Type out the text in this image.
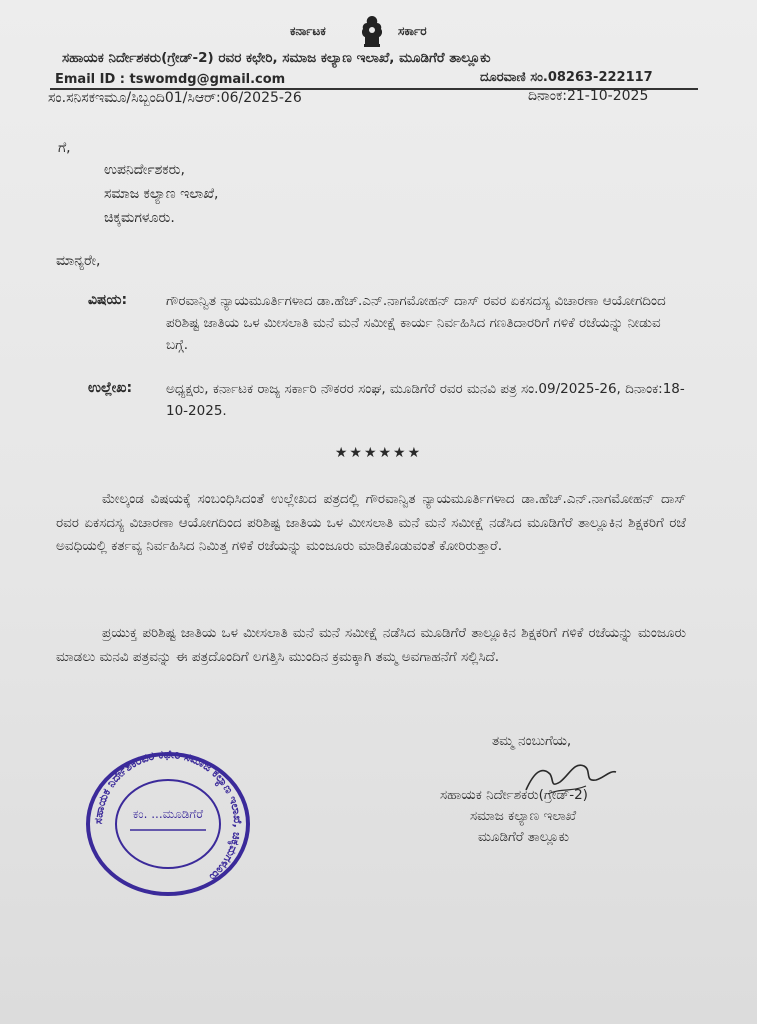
ಕರ್ನಾಟಕ	ಸರ್ಕಾರ
ಸಹಾಯಕ ನಿರ್ದೇಶಕರು(ಗ್ರೇಡ್-2) ರವರ ಕಛೇರಿ, ಸಮಾಜ ಕಲ್ಯಾಣ ಇಲಾಖೆ, ಮೂಡಿಗೆರೆ ತಾಲ್ಲೂಕು
Email ID : tswomdg@gmail.com	ದೂರವಾಣಿ ಸಂ.08263-222117
ಸಂ.ಸನಿಸಕಇಮೂ/ಸಿಬ್ಬಂದಿ01/ಸಿಆರ್:06/2025-26	ದಿನಾಂಕ:21-10-2025
ಗೆ,
ಉಪನಿರ್ದೇಶಕರು,
ಸಮಾಜ ಕಲ್ಯಾಣ ಇಲಾಖೆ,
ಚಿಕ್ಕಮಗಳೂರು.
ಮಾನ್ಯರೇ,
ವಿಷಯ:	ಗೌರವಾನ್ವಿತ ನ್ಯಾಯಮೂರ್ತಿಗಳಾದ ಡಾ.ಹೆಚ್.ಎನ್.ನಾಗಮೋಹನ್ ದಾಸ್ ರವರ ಏಕಸದಸ್ಯ ವಿಚಾರಣಾ ಆಯೋಗದಿಂದ ಪರಿಶಿಷ್ಟ ಜಾತಿಯ ಒಳ ಮೀಸಲಾತಿ ಮನೆ ಮನೆ ಸಮೀಕ್ಷೆ ಕಾರ್ಯ ನಿರ್ವಹಿಸಿದ ಗಣತಿದಾರರಿಗೆ ಗಳಿಕೆ ರಜೆಯನ್ನು ನೀಡುವ ಬಗ್ಗೆ.
ಉಲ್ಲೇಖ:	ಅಧ್ಯಕ್ಷರು, ಕರ್ನಾಟಕ ರಾಜ್ಯ ಸರ್ಕಾರಿ ನೌಕರರ ಸಂಘ, ಮೂಡಿಗೆರೆ ರವರ ಮನವಿ ಪತ್ರ ಸಂ.09/2025-26, ದಿನಾಂಕ:18-10-2025.
★★★★★★
ಮೇಲ್ಕಂಡ ವಿಷಯಕ್ಕೆ ಸಂಬಂಧಿಸಿದಂತೆ ಉಲ್ಲೇಖದ ಪತ್ರದಲ್ಲಿ ಗೌರವಾನ್ವಿತ ನ್ಯಾಯಮೂರ್ತಿಗಳಾದ ಡಾ.ಹೆಚ್.ಎನ್.ನಾಗಮೋಹನ್ ದಾಸ್ ರವರ ಏಕಸದಸ್ಯ ವಿಚಾರಣಾ ಆಯೋಗದಿಂದ ಪರಿಶಿಷ್ಟ ಜಾತಿಯ ಒಳ ಮೀಸಲಾತಿ ಮನೆ ಮನೆ ಸಮೀಕ್ಷೆ ನಡೆಸಿದ ಮೂಡಿಗೆರೆ ತಾಲ್ಲೂಕಿನ ಶಿಕ್ಷಕರಿಗೆ ರಜೆ ಅವಧಿಯಲ್ಲಿ ಕರ್ತವ್ಯ ನಿರ್ವಹಿಸಿದ ನಿಮಿತ್ತ ಗಳಿಕೆ ರಜೆಯನ್ನು ಮಂಜೂರು ಮಾಡಿಕೊಡುವಂತೆ ಕೋರಿರುತ್ತಾರೆ.
ಪ್ರಯುಕ್ತ ಪರಿಶಿಷ್ಟ ಜಾತಿಯ ಒಳ ಮೀಸಲಾತಿ ಮನೆ ಮನೆ ಸಮೀಕ್ಷೆ ನಡೆಸಿದ ಮೂಡಿಗೆರೆ ತಾಲ್ಲೂಕಿನ ಶಿಕ್ಷಕರಿಗೆ ಗಳಿಕೆ ರಜೆಯನ್ನು ಮಂಜೂರು ಮಾಡಲು ಮನವಿ ಪತ್ರವನ್ನು ಈ ಪತ್ರದೊಂದಿಗೆ ಲಗತ್ತಿಸಿ ಮುಂದಿನ ಕ್ರಮಕ್ಕಾಗಿ ತಮ್ಮ ಅವಗಾಹನೆಗೆ ಸಲ್ಲಿಸಿದೆ.
ತಮ್ಮ ನಂಬುಗೆಯ,
ಸಹಾಯಕ ನಿರ್ದೇಶಕರು(ಗ್ರೇಡ್-2)
ಸಮಾಜ ಕಲ್ಯಾಣ ಇಲಾಖೆ
ಮೂಡಿಗೆರೆ ತಾಲ್ಲೂಕು
ಸಹಾಯಕ ನಿರ್ದೇಶಕರವರ ಕಛೇರಿ ಸಮಾಜ ಕಲ್ಯಾಣ ಇಲಾಖೆ, ಚಿಕ್ಕಮಗಳೂರು
ಕಂ. ...ಮೂಡಿಗೆರೆ
